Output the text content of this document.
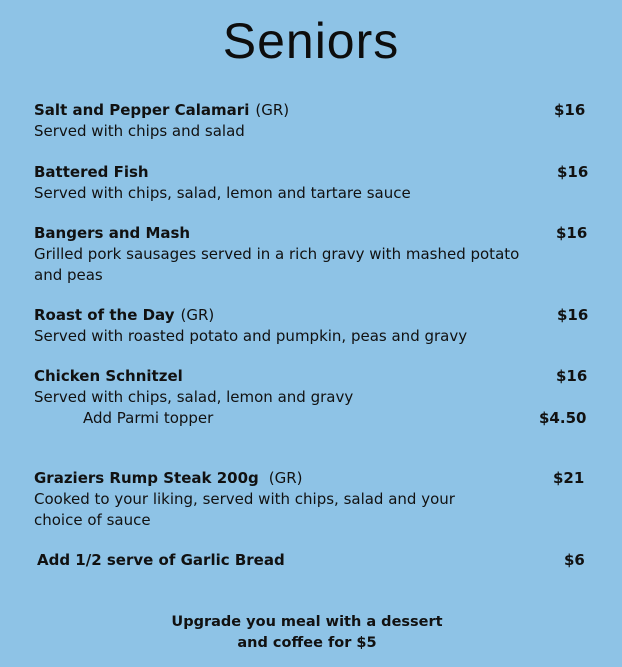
Seniors
Salt and Pepper Calamari (GR)	$16
Served with chips and salad
Battered Fish	$16
Served with chips, salad, lemon and tartare sauce
Bangers and Mash	$16
Grilled pork sausages served in a rich gravy with mashed potato and peas
Roast of the Day (GR)	$16
Served with roasted potato and pumpkin, peas and gravy
Chicken Schnitzel	$16
Served with chips, salad, lemon and gravy
Add Parmi topper	$4.50
Graziers Rump Steak 200g (GR)	$21
Cooked to your liking, served with chips, salad and your choice of sauce
Add 1/2 serve of Garlic Bread	$6
Upgrade you meal with a dessert
and coffee for $5
